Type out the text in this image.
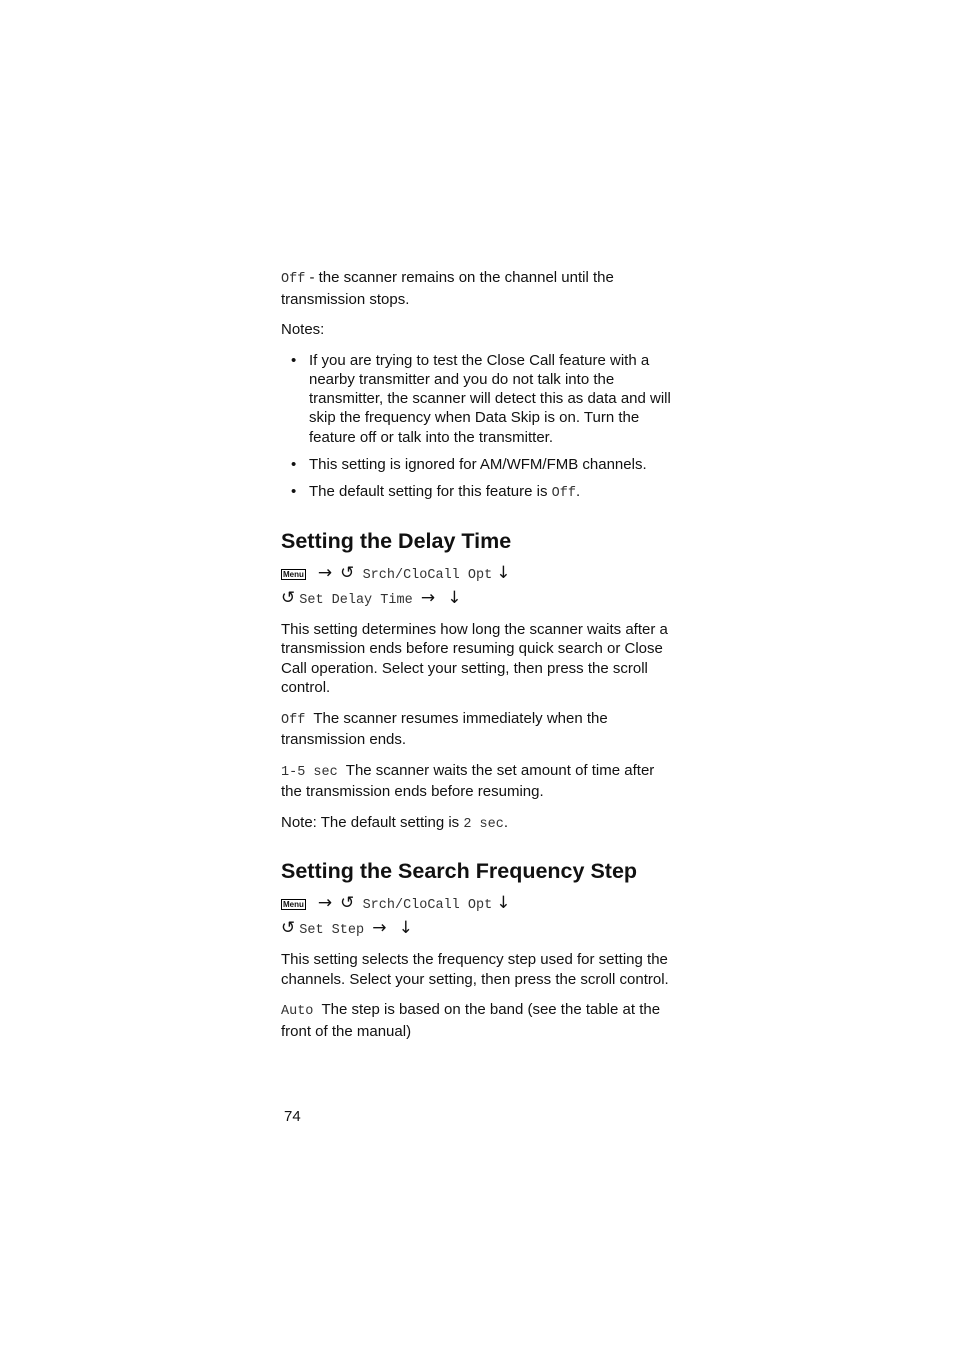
Off - the scanner remains on the channel until the transmission stops.

Notes:

• If you are trying to test the Close Call feature with a nearby transmitter and you do not talk into the transmitter, the scanner will detect this as data and will skip the frequency when Data Skip is on. Turn the feature off or talk into the transmitter.
• This setting is ignored for AM/WFM/FMB channels.
• The default setting for this feature is Off.
Setting the Delay Time
Menu → ↺ Srch/CloCall Opt ↓
↺ Set Delay Time → ↓

This setting determines how long the scanner waits after a transmission ends before resuming quick search or Close Call operation. Select your setting, then press the scroll control.

Off The scanner resumes immediately when the transmission ends.

1-5 sec The scanner waits the set amount of time after the transmission ends before resuming.

Note: The default setting is 2 sec.

Setting the Search Frequency Step
Menu → ↺ Srch/CloCall Opt ↓
↺ Set Step → ↓

This setting selects the frequency step used for setting the channels. Select your setting, then press the scroll control.

Auto The step is based on the band (see the table at the front of the manual)

74
